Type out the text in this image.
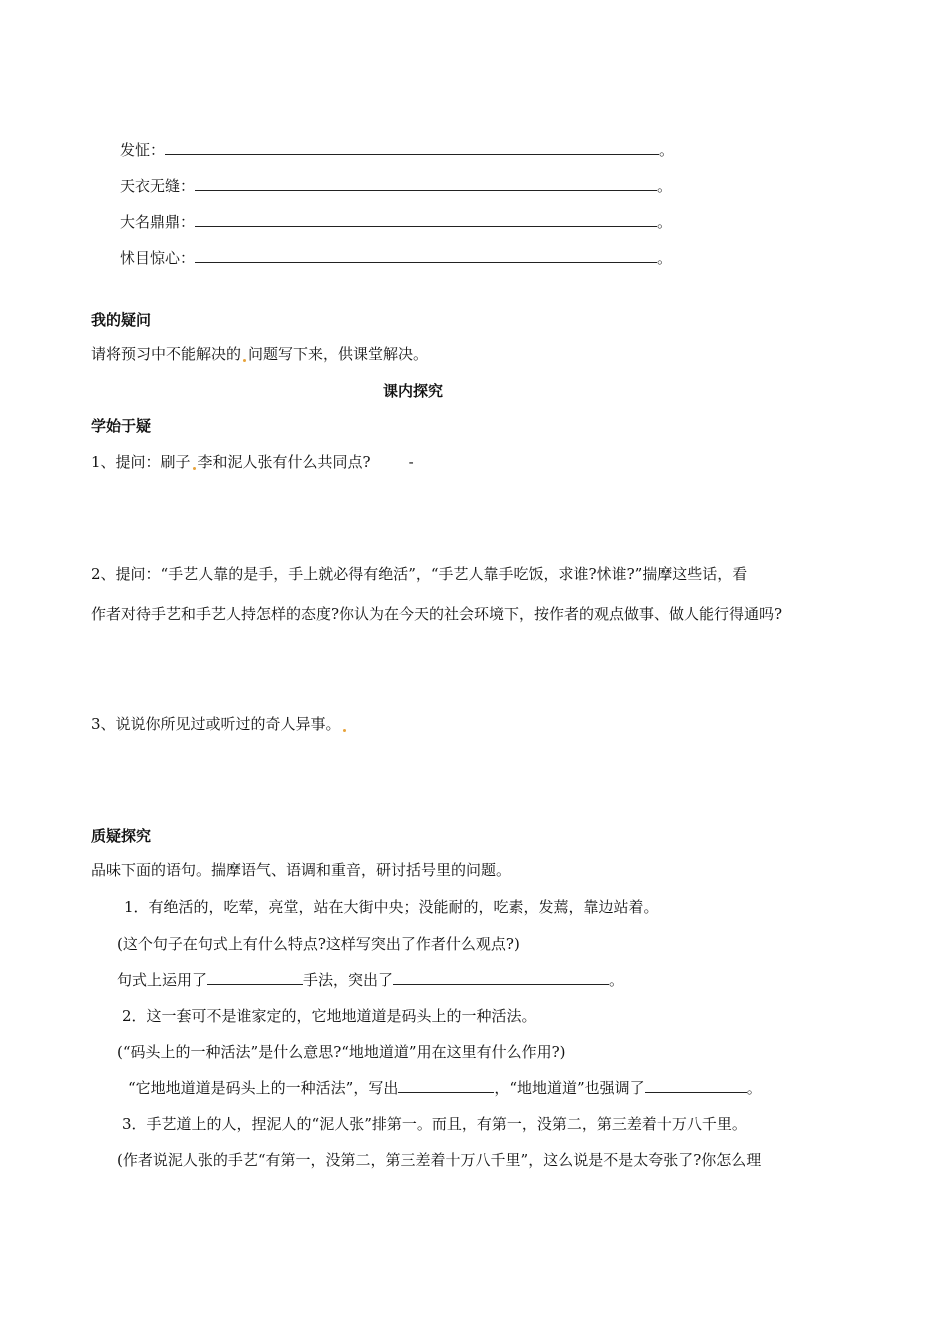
发怔：	。
天衣无缝：	。
大名鼎鼎：	。
怵目惊心：	。
我的疑问
请将预习中不能解决的 问题写下来，供课堂解决。
课内探究
学始于疑
1、提问：刷子 李和泥人张有什么共同点?	-
2、提问：“手艺人靠的是手，手上就必得有绝活”，“手艺人靠手吃饭，求谁?怵谁?”揣摩这些话，看
作者对待手艺和手艺人持怎样的态度?你认为在今天的社会环境下，按作者的观点做事、做人能行得通吗?
3、说说你所见过或听过的奇人异事。
质疑探究
品味下面的语句。揣摩语气、语调和重音，研讨括号里的问题。
1．有绝活的，吃荤，亮堂，站在大街中央；没能耐的，吃素，发蔫，靠边站着。
(这个句子在句式上有什么特点?这样写突出了作者什么观点?)
句式上运用了	手法，突出了	。
2．这一套可不是谁家定的，它地地道道是码头上的一种活法。
(“码头上的一种活法”是什么意思?“地地道道”用在这里有什么作用?)
“它地地道道是码头上的一种活法”，写出	，“地地道道”也强调了	。
3．手艺道上的人，捏泥人的“泥人张”排第一。而且，有第一，没第二，第三差着十万八千里。
(作者说泥人张的手艺“有第一，没第二，第三差着十万八千里”，这么说是不是太夸张了?你怎么理
